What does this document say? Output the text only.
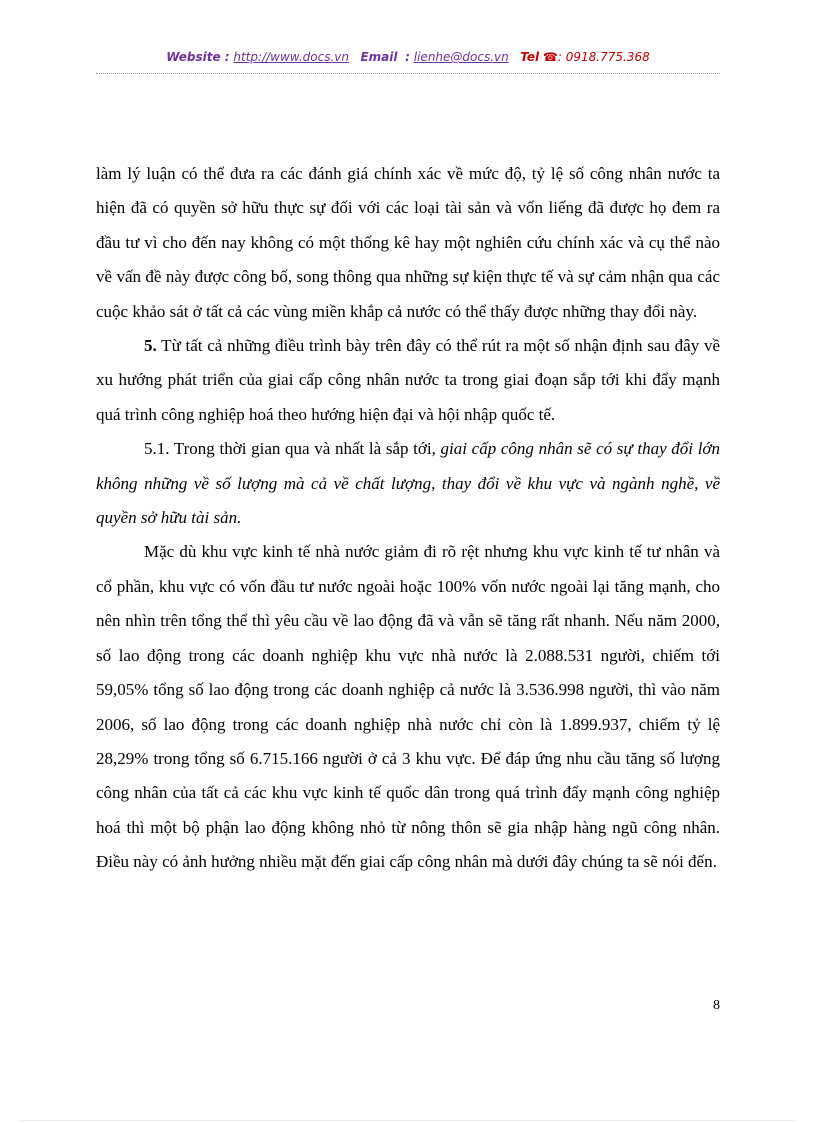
Website : http://www.docs.vn Email : lienhe@docs.vn Tel ☎: 0918.775.368

làm lý luận có thể đưa ra các đánh giá chính xác về mức độ, tỷ lệ số công nhân nước ta hiện đã có quyền sở hữu thực sự đối với các loại tài sản và vốn liếng đã được họ đem ra đầu tư vì cho đến nay không có một thống kê hay một nghiên cứu chính xác và cụ thể nào về vấn đề này được công bố, song thông qua những sự kiện thực tế và sự cảm nhận qua các cuộc khảo sát ở tất cả các vùng miền khắp cả nước có thể thấy được những thay đổi này.

5. Từ tất cả những điều trình bày trên đây có thể rút ra một số nhận định sau đây về xu hướng phát triển của giai cấp công nhân nước ta trong giai đoạn sắp tới khi đẩy mạnh quá trình công nghiệp hoá theo hướng hiện đại và hội nhập quốc tế.

5.1. Trong thời gian qua và nhất là sắp tới, giai cấp công nhân sẽ có sự thay đổi lớn không những về số lượng mà cả về chất lượng, thay đổi về khu vực và ngành nghề, về quyền sở hữu tài sản.

Mặc dù khu vực kinh tế nhà nước giảm đi rõ rệt nhưng khu vực kinh tế tư nhân và cổ phần, khu vực có vốn đầu tư nước ngoài hoặc 100% vốn nước ngoài lại tăng mạnh, cho nên nhìn trên tổng thể thì yêu cầu về lao động đã và vẫn sẽ tăng rất nhanh. Nếu năm 2000, số lao động trong các doanh nghiệp khu vực nhà nước là 2.088.531 người, chiếm tới 59,05% tổng số lao động trong các doanh nghiệp cả nước là 3.536.998 người, thì vào năm 2006, số lao động trong các doanh nghiệp nhà nước chỉ còn là 1.899.937, chiếm tỷ lệ 28,29% trong tổng số 6.715.166 người ở cả 3 khu vực. Để đáp ứng nhu cầu tăng số lượng công nhân của tất cả các khu vực kinh tế quốc dân trong quá trình đẩy mạnh công nghiệp hoá thì một bộ phận lao động không nhỏ từ nông thôn sẽ gia nhập hàng ngũ công nhân. Điều này có ảnh hưởng nhiều mặt đến giai cấp công nhân mà dưới đây chúng ta sẽ nói đến.

8
